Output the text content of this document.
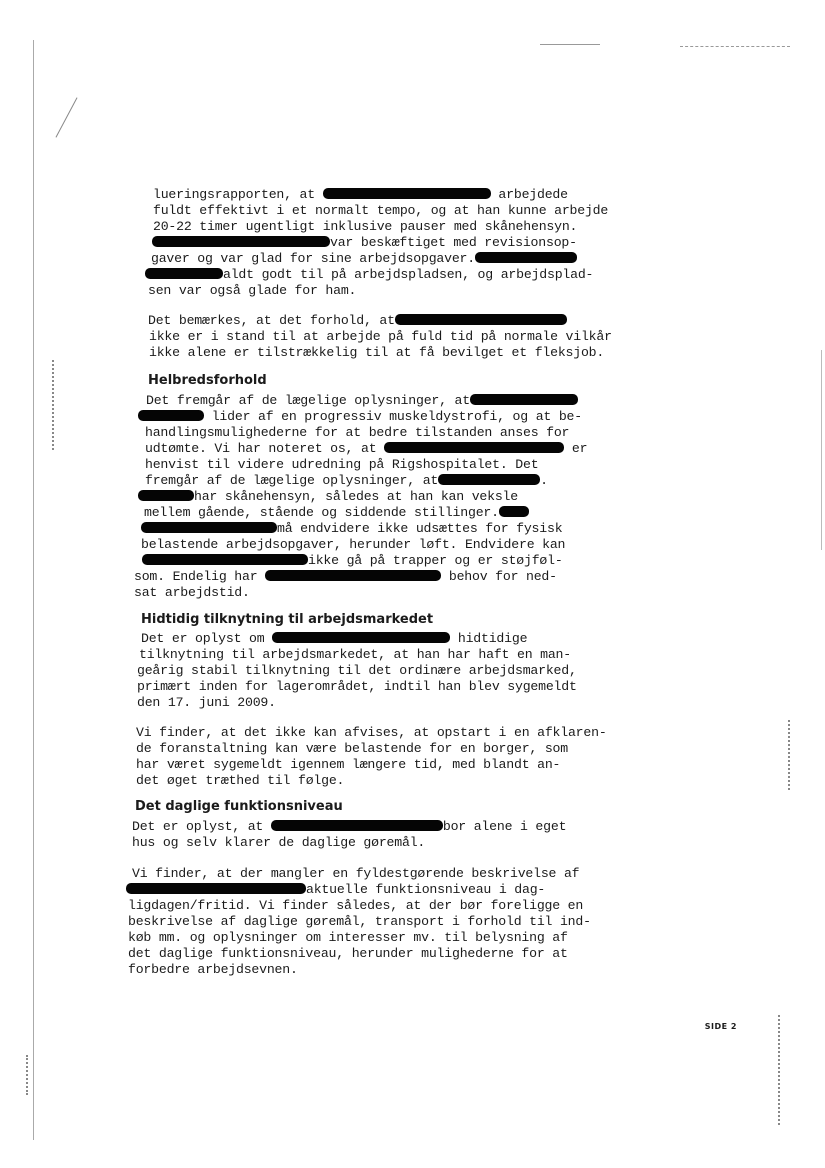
lueringsrapporten, at	arbejdede
fuldt effektivt i et normalt tempo, og at han kunne arbejde
20-22 timer ugentligt inklusive pauser med skånehensyn.
var beskæftiget med revisionsop-
gaver og var glad for sine arbejdsopgaver.
aldt godt til på arbejdspladsen, og arbejdsplad-
sen var også glade for ham.
Det bemærkes, at det forhold, at
ikke er i stand til at arbejde på fuld tid på normale vilkår
ikke alene er tilstrækkelig til at få bevilget et fleksjob.
Det fremgår af de lægelige oplysninger, at
lider af en progressiv muskeldystrofi, og at be-
handlingsmulighederne for at bedre tilstanden anses for
udtømte. Vi har noteret os, at	er
henvist til videre udredning på Rigshospitalet. Det
fremgår af de lægelige oplysninger, at	.
har skånehensyn, således at han kan veksle
mellem gående, stående og siddende stillinger.
må endvidere ikke udsættes for fysisk
belastende arbejdsopgaver, herunder løft. Endvidere kan
ikke gå på trapper og er støjføl-
som. Endelig har	behov for ned-
sat arbejdstid.
Det er oplyst om	hidtidige
tilknytning til arbejdsmarkedet, at han har haft en man-
geårig stabil tilknytning til det ordinære arbejdsmarked,
primært inden for lagerområdet, indtil han blev sygemeldt
den 17. juni 2009.
Vi finder, at det ikke kan afvises, at opstart i en afklaren-
de foranstaltning kan være belastende for en borger, som
har været sygemeldt igennem længere tid, med blandt an-
det øget træthed til følge.
Det er oplyst, at	bor alene i eget
hus og selv klarer de daglige gøremål.
Vi finder, at der mangler en fyldestgørende beskrivelse af
aktuelle funktionsniveau i dag-
ligdagen/fritid. Vi finder således, at der bør foreligge en
beskrivelse af daglige gøremål, transport i forhold til ind-
køb mm. og oplysninger om interesser mv. til belysning af
det daglige funktionsniveau, herunder mulighederne for at
forbedre arbejdsevnen.
Helbredsforhold
Hidtidig tilknytning til arbejdsmarkedet
Det daglige funktionsniveau
SIDE 2
